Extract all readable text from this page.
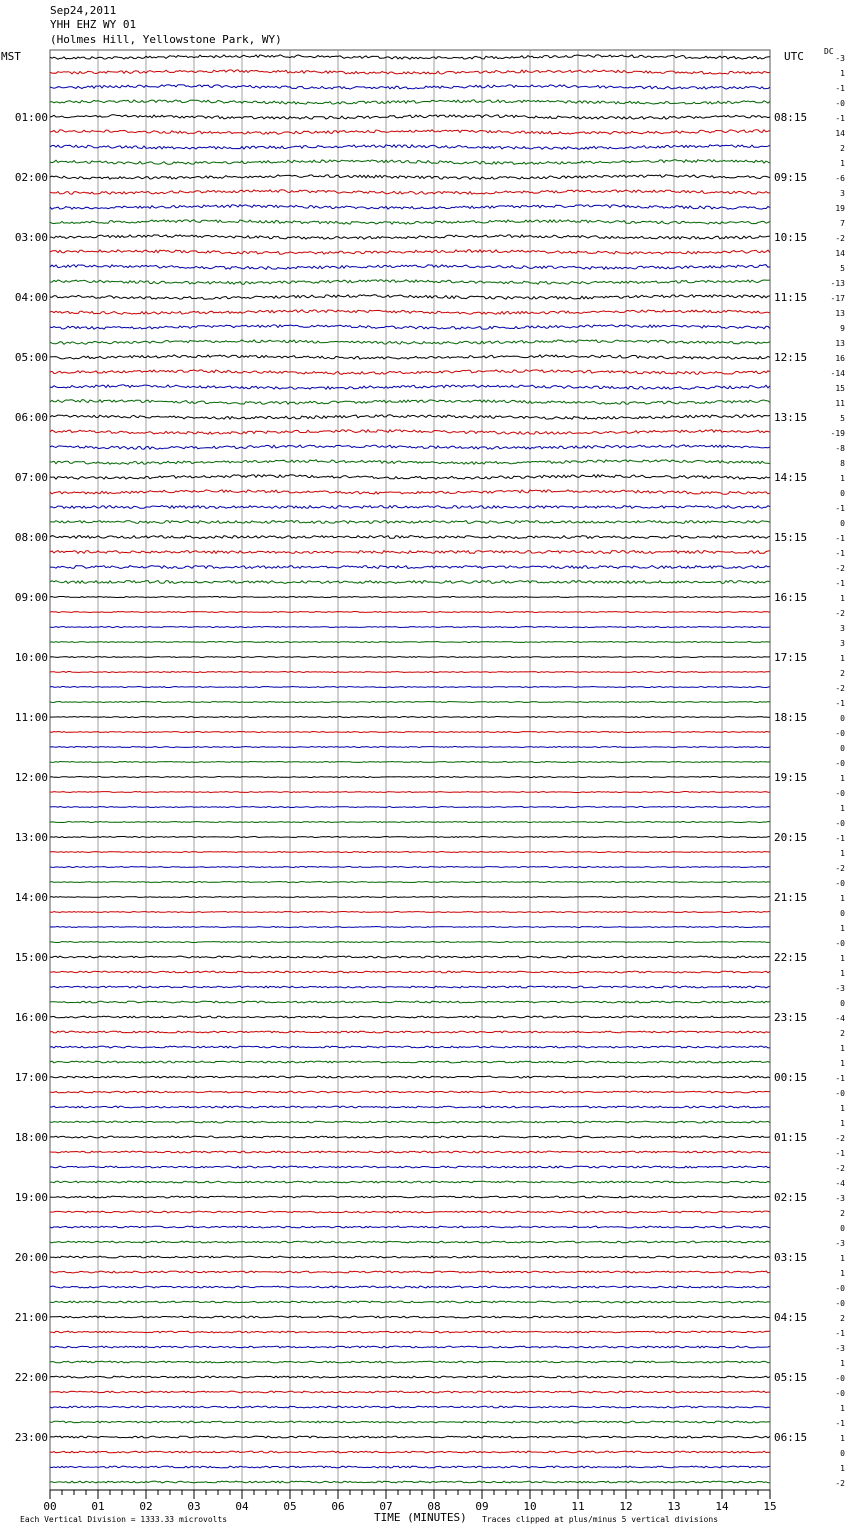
Sep24,2011
YHH EHZ WY 01
(Holmes Hill, Yellowstone Park, WY)
MST	UTC	DC
-3
1
-1
-0
-1
14
2
1
-6
3
19
7
-2
14
5
-13
-17
13
9
13
16
-14
15
11
5
-19
-8
8
1
0
-1
0
-1
-1
-2
-1
1
-2
3
3
1
2
-2
-1
0
-0
0
-0
1
-0
1
-0
-1
1
-2
-0
1
0
1
-0
1
1
-3
0
-4
2
1
1
-1
-0
1
1
-2
-1
-2
-4
-3
2
0
-3
1
1
-0
-0
2
-1
-3
1
-0
-0
1
-1
1
0
1
-2
01:00
02:00
03:00
04:00
05:00
06:00
07:00
08:00
09:00
10:00
11:00
12:00
13:00
14:00
15:00
16:00
17:00
18:00
19:00
20:00
21:00
22:00
23:00
08:15
09:15
10:15
11:15
12:15
13:15
14:15
15:15
16:15
17:15
18:15
19:15
20:15
21:15
22:15
23:15
00:15
01:15
02:15
03:15
04:15
05:15
06:15
00	01	02	03	04	05	06	07	08	09	10	11	12	13	14	15
Each Vertical Division = 1333.33 microvolts	TIME (MINUTES) Traces clipped at plus/minus 5 vertical divisions
